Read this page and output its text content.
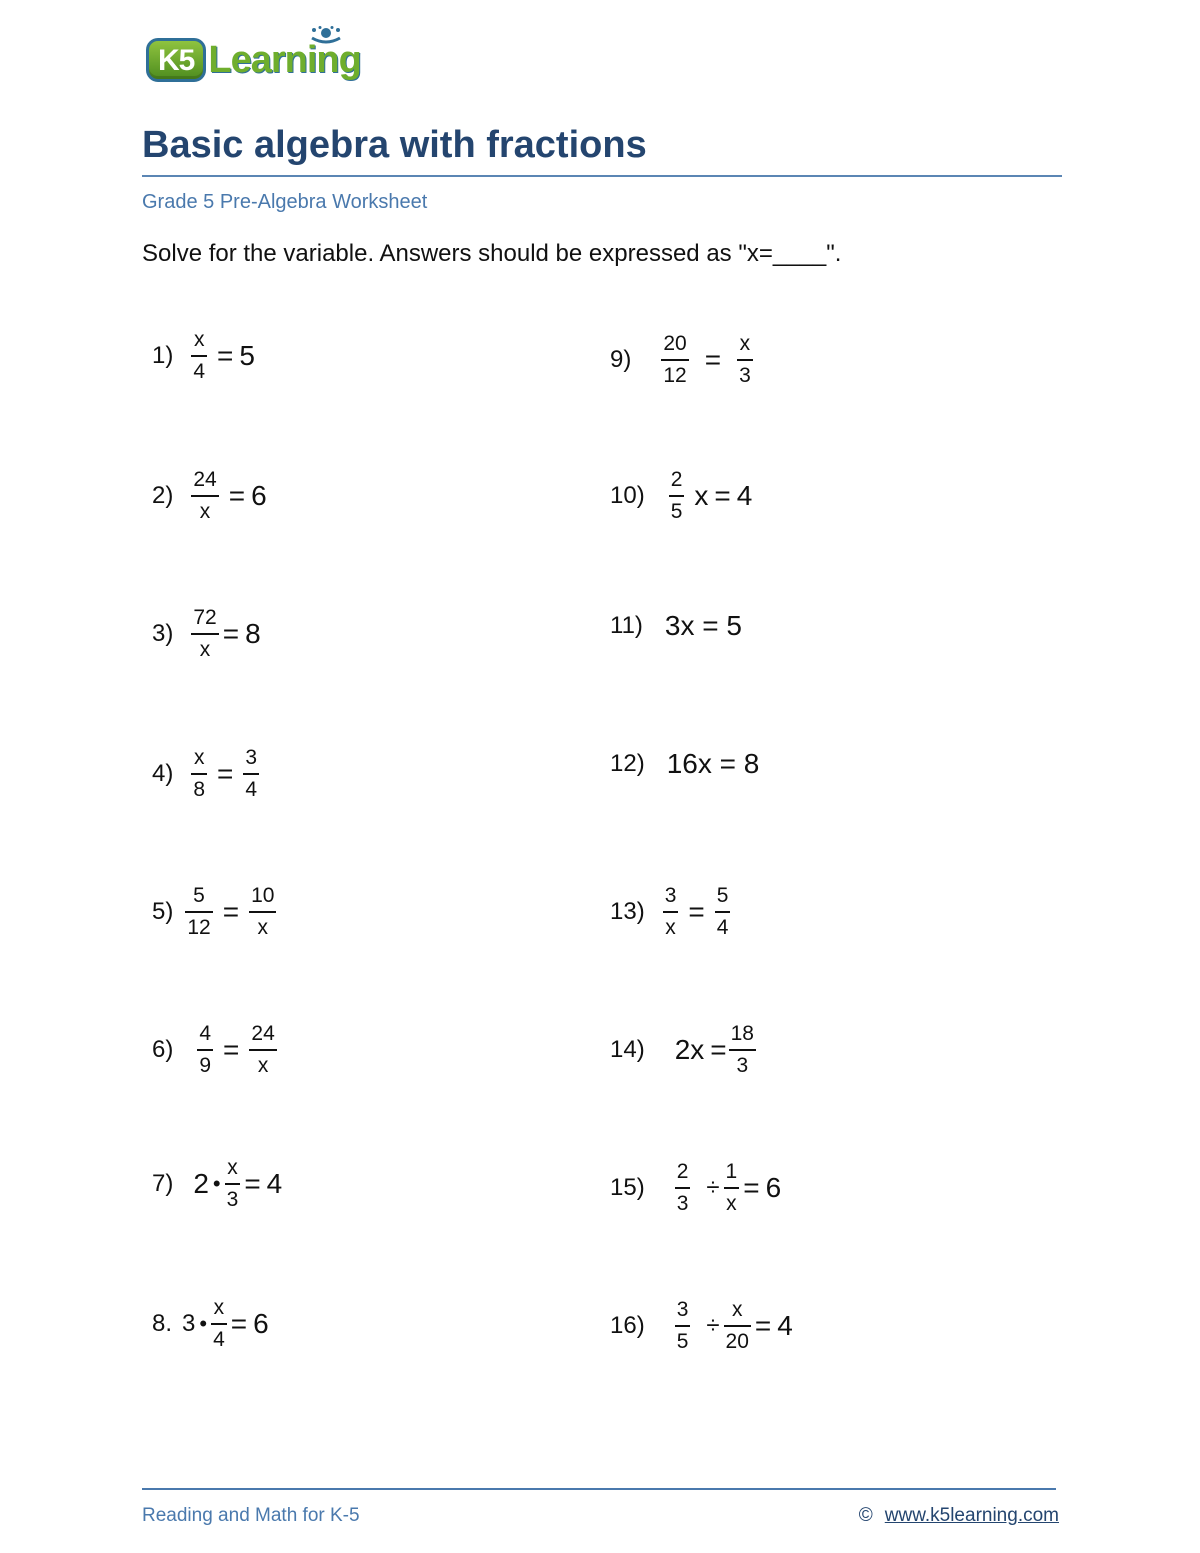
K5 Learning
Basic algebra with fractions
Grade 5 Pre-Algebra Worksheet
Solve for the variable. Answers should be expressed as "x=____".
$1) \frac{x}{4} = 5$
$2) \frac{24}{x} = 6$
$3) \frac{72}{x} = 8$
$4) \frac{x}{8} = \frac{3}{4}$
$5) \frac{5}{12} = \frac{10}{x}$
$6) \frac{4}{9} = \frac{24}{x}$
7) 2 • $\frac{x}{3} = 4$
8. 3 • $\frac{x}{4} = 6$
$9) \frac{20}{12} = \frac{x}{3}$
$10) \frac{2}{5}$ x = 4
11) 3x = 5
12) 16x = 8
$13) \frac{3}{x} = \frac{5}{4}$
14) $2x = \frac{18}{3}$
$15) \frac{2}{3} \div \frac{1}{x} = 6$
$16) \frac{3}{5} \div \frac{x}{20} = 4$
Reading and Math for K-5	© www.k5learning.com
